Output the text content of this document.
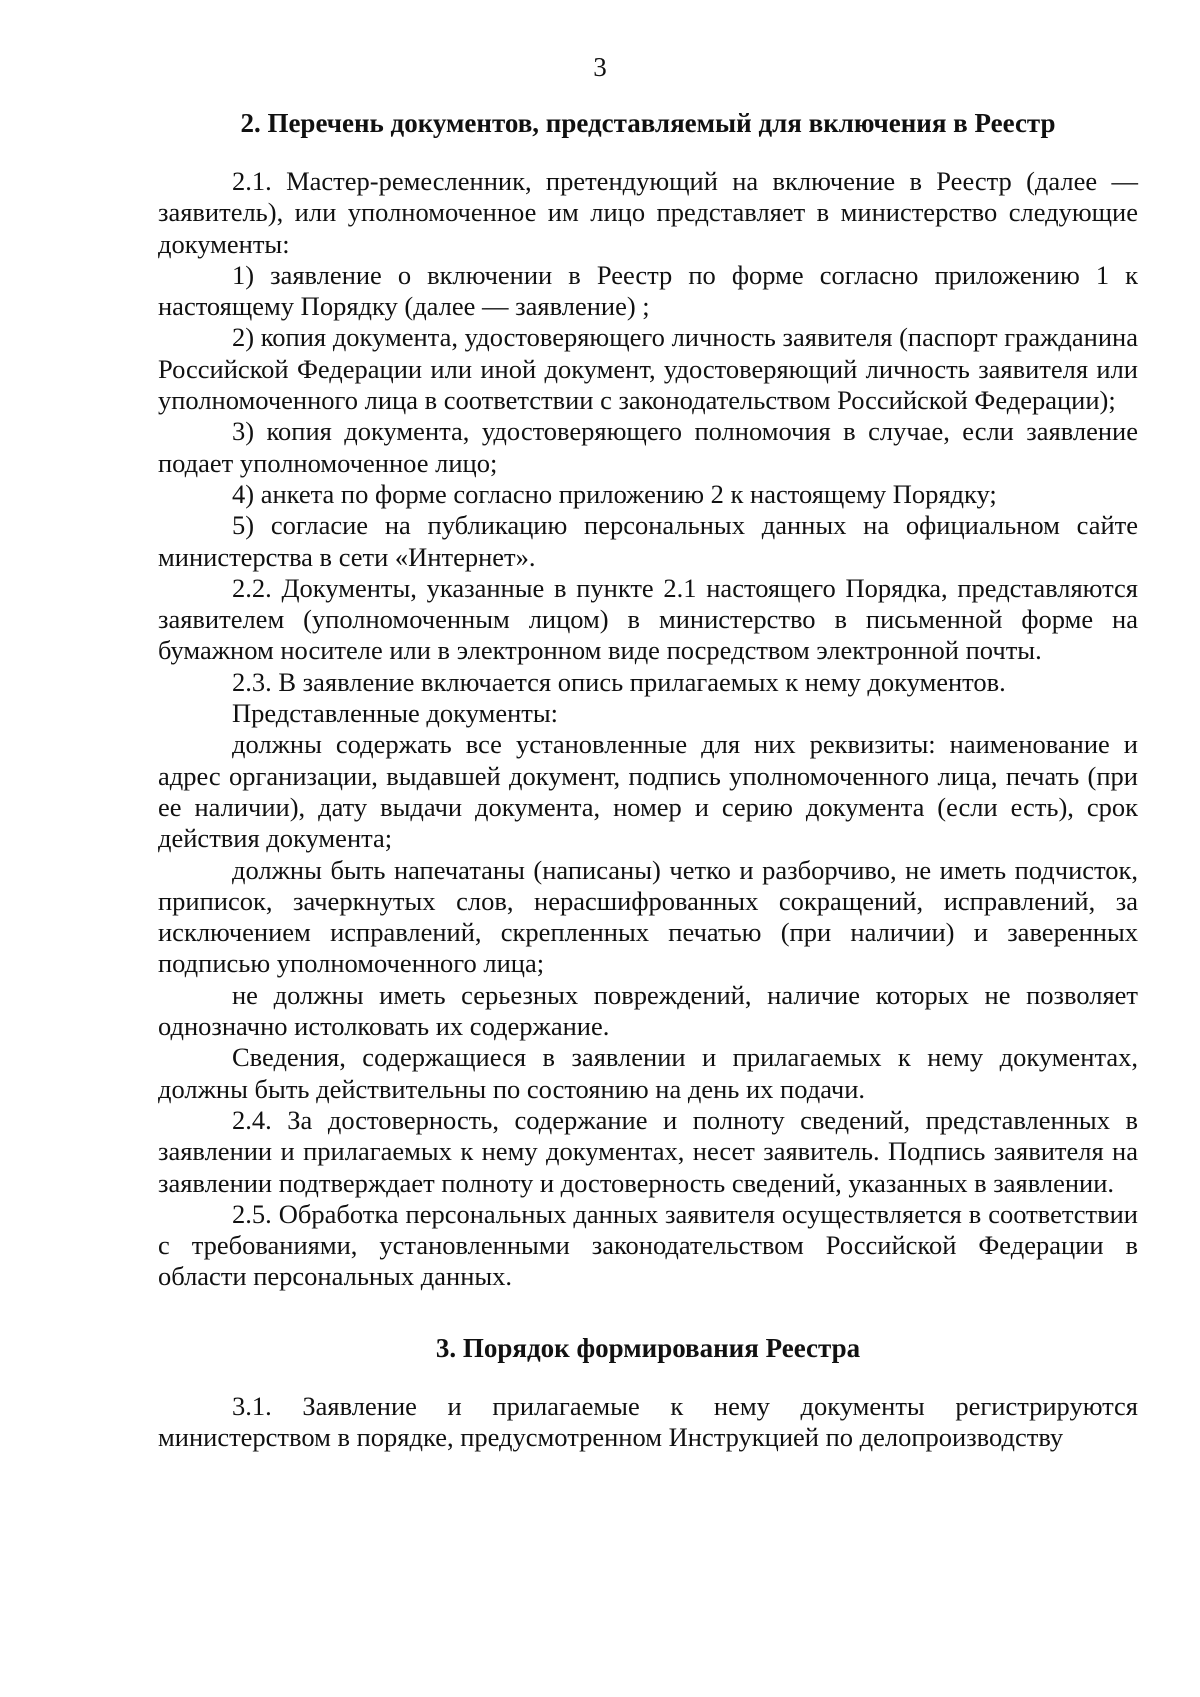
3
2. Перечень документов, представляемый для включения в Реестр

2.1. Мастер-ремесленник, претендующий на включение в Реестр (далее — заявитель), или уполномоченное им лицо представляет в министерство следующие документы:

1) заявление о включении в Реестр по форме согласно приложению 1 к настоящему Порядку (далее — заявление) ;

2) копия документа, удостоверяющего личность заявителя (паспорт гражданина Российской Федерации или иной документ, удостоверяющий личность заявителя или уполномоченного лица в соответствии с законодательством Российской Федерации);

3) копия документа, удостоверяющего полномочия в случае, если заявление подает уполномоченное лицо;

4) анкета по форме согласно приложению 2 к настоящему Порядку;

5) согласие на публикацию персональных данных на официальном сайте министерства в сети «Интернет».

2.2. Документы, указанные в пункте 2.1 настоящего Порядка, представляются заявителем (уполномоченным лицом) в министерство в письменной форме на бумажном носителе или в электронном виде посредством электронной почты.

2.3. В заявление включается опись прилагаемых к нему документов.

Представленные документы:

должны содержать все установленные для них реквизиты: наименование и адрес организации, выдавшей документ, подпись уполномоченного лица, печать (при ее наличии), дату выдачи документа, номер и серию документа (если есть), срок действия документа;

должны быть напечатаны (написаны) четко и разборчиво, не иметь подчисток, приписок, зачеркнутых слов, нерасшифрованных сокращений, исправлений, за исключением исправлений, скрепленных печатью (при наличии) и заверенных подписью уполномоченного лица;

не должны иметь серьезных повреждений, наличие которых не позволяет однозначно истолковать их содержание.

Сведения, содержащиеся в заявлении и прилагаемых к нему документах, должны быть действительны по состоянию на день их подачи.

2.4. За достоверность, содержание и полноту сведений, представленных в заявлении и прилагаемых к нему документах, несет заявитель. Подпись заявителя на заявлении подтверждает полноту и достоверность сведений, указанных в заявлении.

2.5. Обработка персональных данных заявителя осуществляется в соответствии с требованиями, установленными законодательством Российской Федерации в области персональных данных.

3. Порядок формирования Реестра

3.1. Заявление и прилагаемые к нему документы регистрируются министерством в порядке, предусмотренном Инструкцией по делопроизводству
